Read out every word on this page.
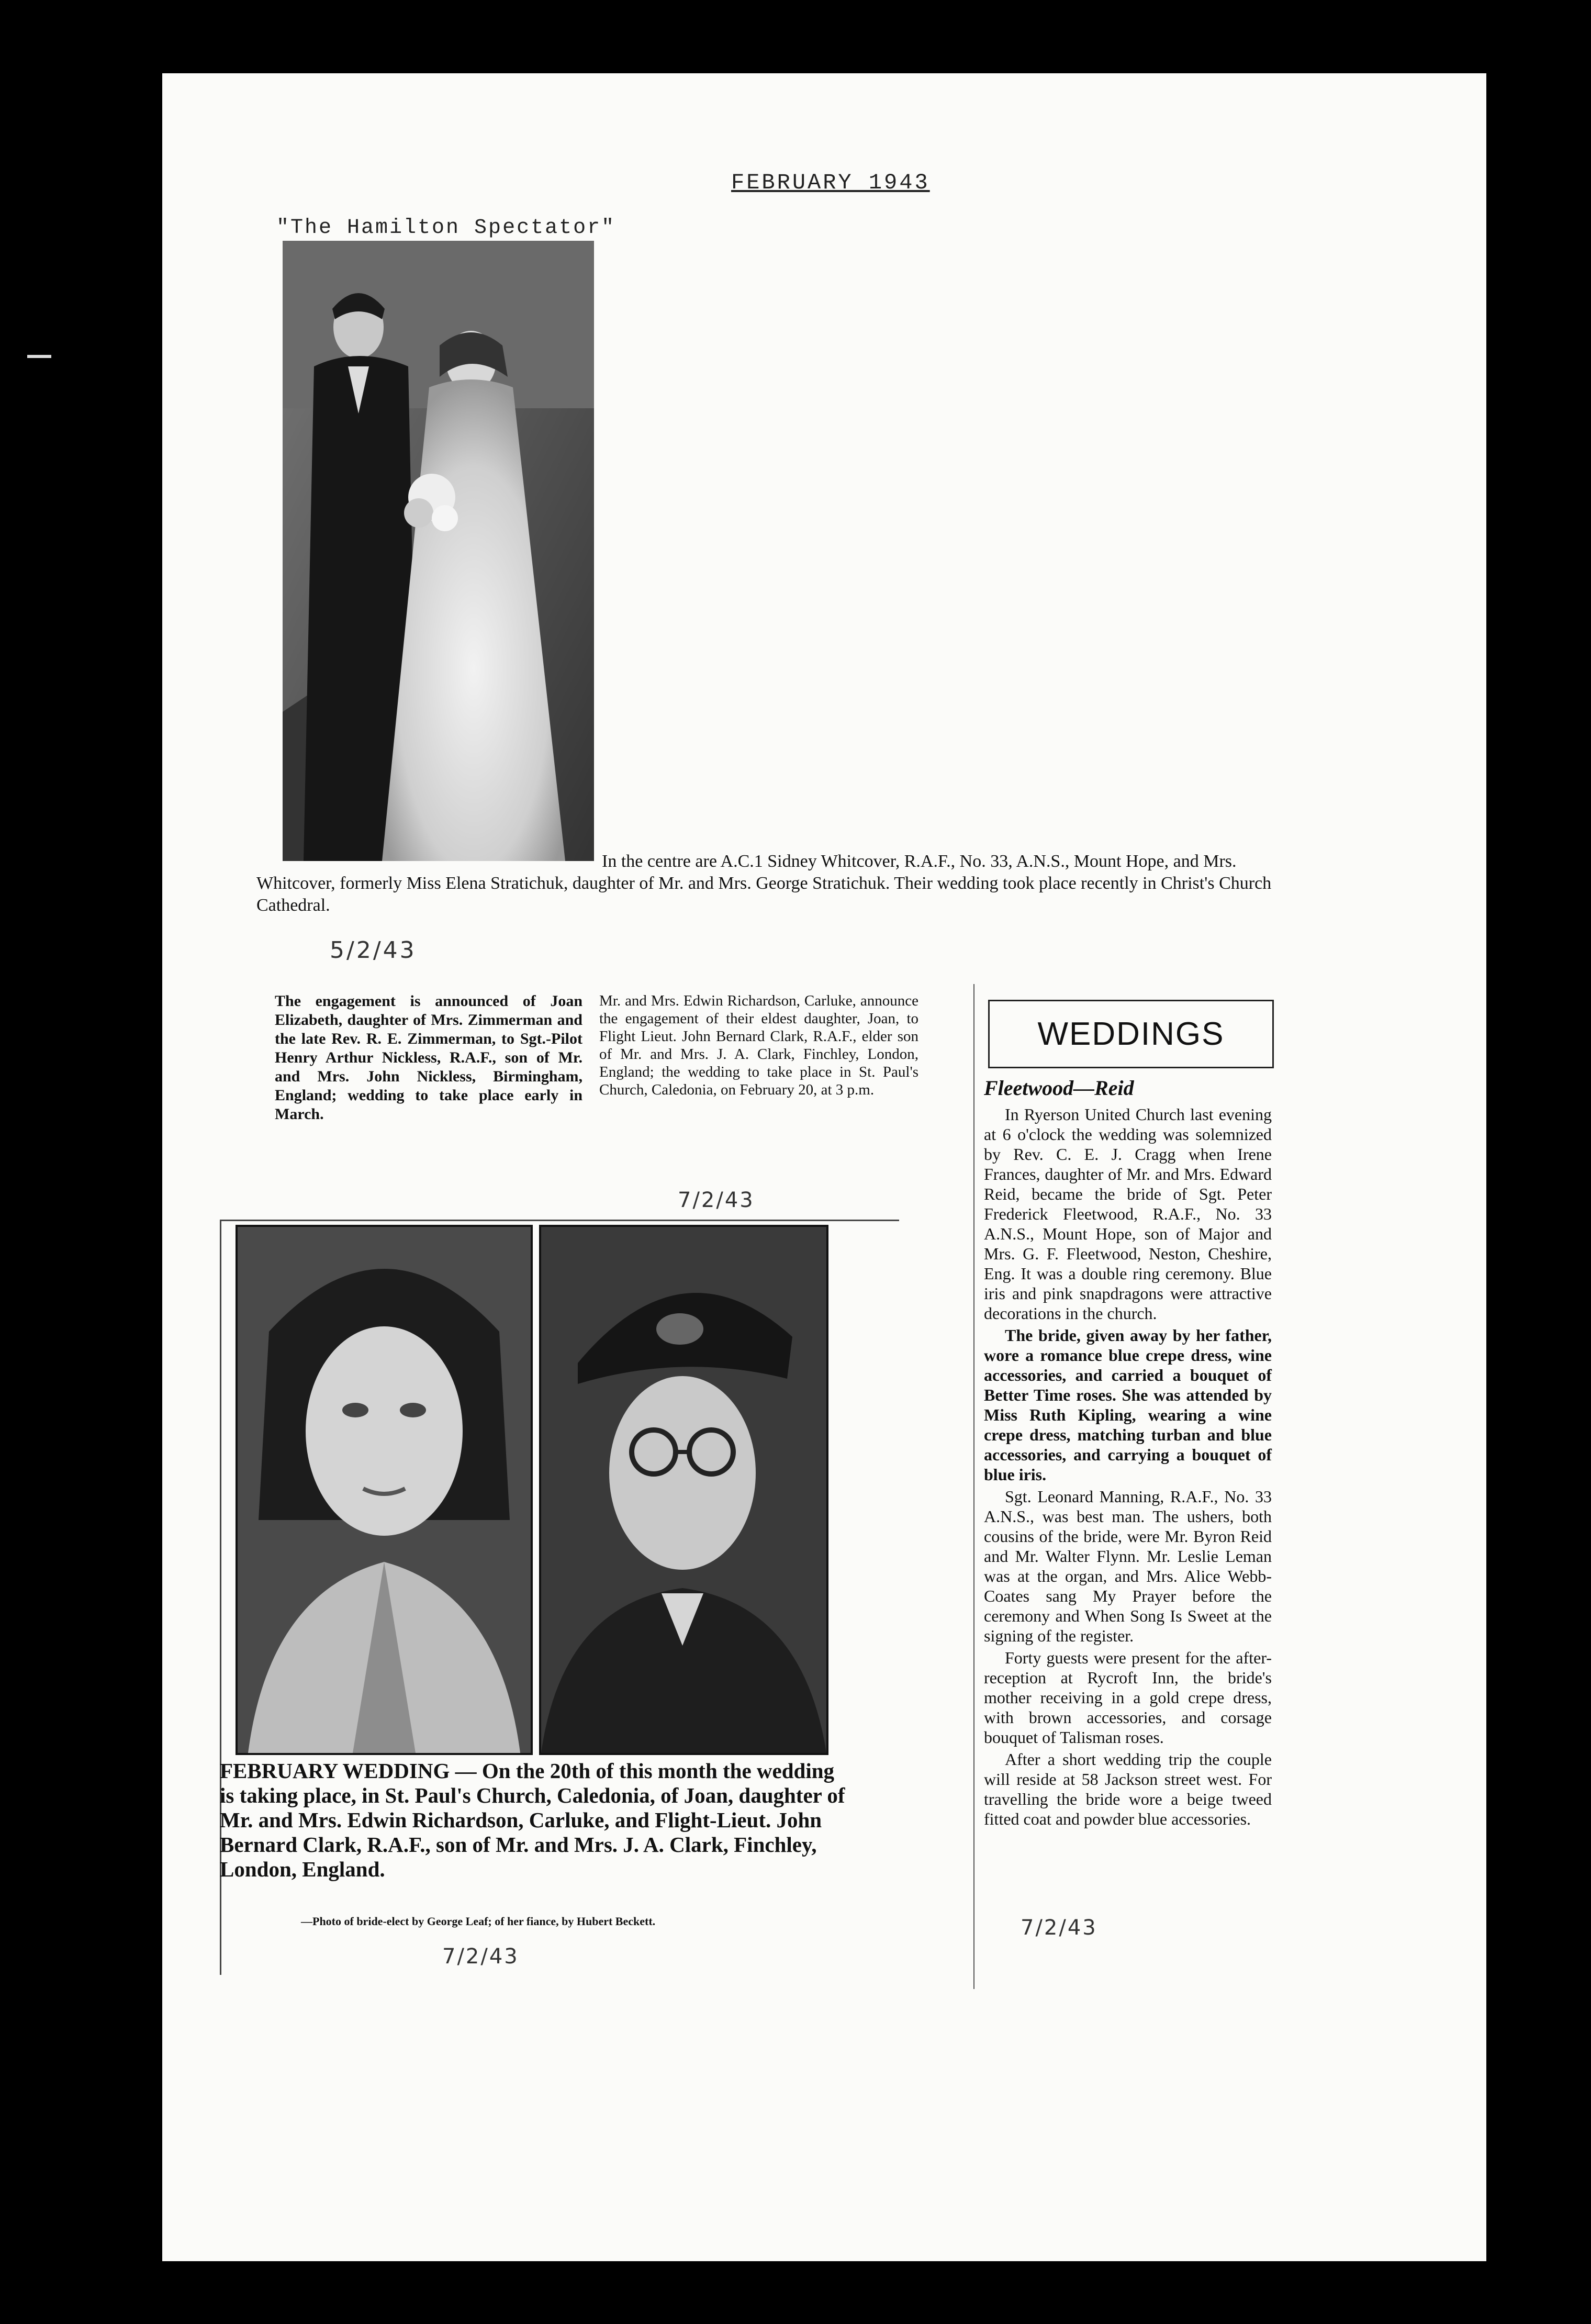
FEBRUARY 1943
"The Hamilton Spectator"
In the centre are A.C.1 Sidney Whitcover, R.A.F., No. 33, A.N.S., Mount Hope, and Mrs. Whitcover, formerly Miss Elena Stratichuk, daughter of Mr. and Mrs. George Stratichuk. Their wedding took place recently in Christ's Church Cathedral.
5/2/43
The engagement is announced of Joan Elizabeth, daughter of Mrs. Zimmerman and the late Rev. R. E. Zimmerman, to Sgt.-Pilot Henry Arthur Nickless, R.A.F., son of Mr. and Mrs. John Nickless, Birmingham, England; wedding to take place early in March.
Mr. and Mrs. Edwin Richardson, Carluke, announce the engagement of their eldest daughter, Joan, to Flight Lieut. John Bernard Clark, R.A.F., elder son of Mr. and Mrs. J. A. Clark, Finchley, London, England; the wedding to take place in St. Paul's Church, Caledonia, on February 20, at 3 p.m.
7/2/43
FEBRUARY WEDDING — On the 20th of this month the wedding is taking place, in St. Paul's Church, Caledonia, of Joan, daughter of Mr. and Mrs. Edwin Richardson, Carluke, and Flight-Lieut. John Bernard Clark, R.A.F., son of Mr. and Mrs. J. A. Clark, Finchley, London, England.
—Photo of bride-elect by George Leaf; of her fiance, by Hubert Beckett.
7/2/43
WEDDINGS
Fleetwood—Reid

In Ryerson United Church last evening at 6 o'clock the wedding was solemnized by Rev. C. E. J. Cragg when Irene Frances, daughter of Mr. and Mrs. Edward Reid, became the bride of Sgt. Peter Frederick Fleetwood, R.A.F., No. 33 A.N.S., Mount Hope, son of Major and Mrs. G. F. Fleetwood, Neston, Cheshire, Eng. It was a double ring ceremony. Blue iris and pink snapdragons were attractive decorations in the church.

The bride, given away by her father, wore a romance blue crepe dress, wine accessories, and carried a bouquet of Better Time roses. She was attended by Miss Ruth Kipling, wearing a wine crepe dress, matching turban and blue accessories, and carrying a bouquet of blue iris.

Sgt. Leonard Manning, R.A.F., No. 33 A.N.S., was best man. The ushers, both cousins of the bride, were Mr. Byron Reid and Mr. Walter Flynn. Mr. Leslie Leman was at the organ, and Mrs. Alice Webb-Coates sang My Prayer before the ceremony and When Song Is Sweet at the signing of the register.

Forty guests were present for the after-reception at Rycroft Inn, the bride's mother receiving in a gold crepe dress, with brown accessories, and corsage bouquet of Talisman roses.

After a short wedding trip the couple will reside at 58 Jackson street west. For travelling the bride wore a beige tweed fitted coat and powder blue accessories.

7/2/43
